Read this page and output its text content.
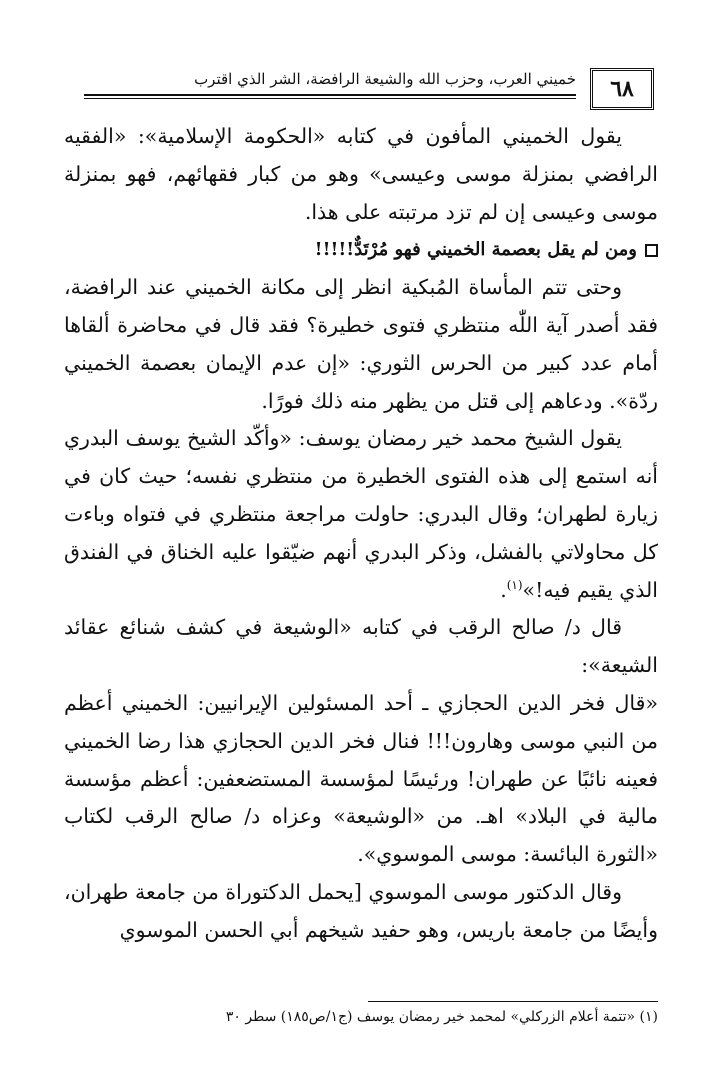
٦٨
خميني العرب، وحزب الله والشيعة الرافضة، الشر الذي اقترب

يقول الخميني المأفون في كتابه «الحكومة الإسلامية»: «الفقيه الرافضي بمنزلة موسى وعيسى» وهو من كبار فقهائهم، فهو بمنزلة موسى وعيسى إن لم تزد مرتبته على هذا.

ومن لم يقل بعصمة الخميني فهو مُرْتَدٌّ!!!!!

وحتى تتم المأساة المُبكية انظر إلى مكانة الخميني عند الرافضة، فقد أصدر آية اللّٰه منتظري فتوى خطيرة؟ فقد قال في محاضرة ألقاها أمام عدد كبير من الحرس الثوري: «إن عدم الإيمان بعصمة الخميني ردّة». ودعاهم إلى قتل من يظهر منه ذلك فورًا.

يقول الشيخ محمد خير رمضان يوسف: «وأكّد الشيخ يوسف البدري أنه استمع إلى هذه الفتوى الخطيرة من منتظري نفسه؛ حيث كان في زيارة لطهران؛ وقال البدري: حاولت مراجعة منتظري في فتواه وباءت كل محاولاتي بالفشل، وذكر البدري أنهم ضيّقوا عليه الخناق في الفندق الذي يقيم فيه!»$^{(١)}$.

قال د/ صالح الرقب في كتابه «الوشيعة في كشف شنائع عقائد الشيعة»:

«قال فخر الدين الحجازي ـ أحد المسئولين الإيرانيين: الخميني أعظم من النبي موسى وهارون!!! فنال فخر الدين الحجازي هذا رضا الخميني فعينه نائبًا عن طهران! ورئيسًا لمؤسسة المستضعفين: أعظم مؤسسة مالية في البلاد» اهـ. من «الوشيعة» وعزاه د/ صالح الرقب لكتاب «الثورة البائسة: موسى الموسوي».

وقال الدكتور موسى الموسوي [يحمل الدكتوراة من جامعة طهران، وأيضًا من جامعة باريس، وهو حفيد شيخهم أبي الحسن الموسوي

(١) «تتمة أعلام الزركلي» لمحمد خير رمضان يوسف (ج١/ص١٨٥) سطر ٣٠
